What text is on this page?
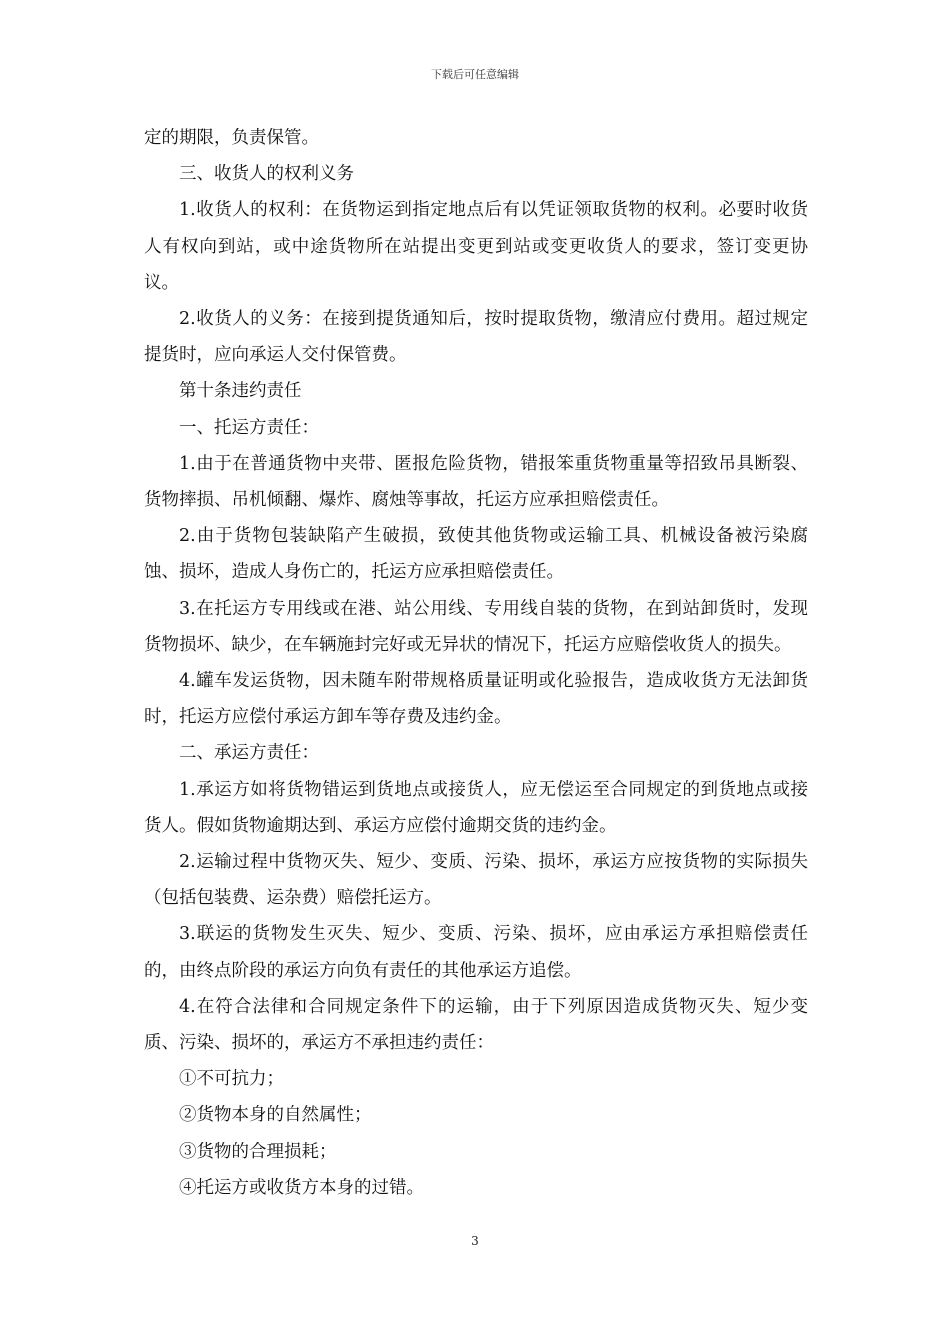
下载后可任意编辑

定的期限，负责保管。

三、收货人的权利义务

1.收货人的权利：在货物运到指定地点后有以凭证领取货物的权利。必要时收货人有权向到站，或中途货物所在站提出变更到站或变更收货人的要求，签订变更协议。

2.收货人的义务：在接到提货通知后，按时提取货物，缴清应付费用。超过规定提货时，应向承运人交付保管费。

第十条违约责任

一、托运方责任：

1.由于在普通货物中夹带、匿报危险货物，错报笨重货物重量等招致吊具断裂、货物摔损、吊机倾翻、爆炸、腐烛等事故，托运方应承担赔偿责任。

2.由于货物包装缺陷产生破损，致使其他货物或运输工具、机械设备被污染腐蚀、损坏，造成人身伤亡的，托运方应承担赔偿责任。

3.在托运方专用线或在港、站公用线、专用线自装的货物，在到站卸货时，发现货物损坏、缺少，在车辆施封完好或无异状的情况下，托运方应赔偿收货人的损失。

4.罐车发运货物，因未随车附带规格质量证明或化验报告，造成收货方无法卸货时，托运方应偿付承运方卸车等存费及违约金。

二、承运方责任：

1.承运方如将货物错运到货地点或接货人，应无偿运至合同规定的到货地点或接货人。假如货物逾期达到、承运方应偿付逾期交货的违约金。

2.运输过程中货物灭失、短少、变质、污染、损坏，承运方应按货物的实际损失（包括包装费、运杂费）赔偿托运方。

3.联运的货物发生灭失、短少、变质、污染、损坏，应由承运方承担赔偿责任的，由终点阶段的承运方向负有责任的其他承运方追偿。

4.在符合法律和合同规定条件下的运输，由于下列原因造成货物灭失、短少变质、污染、损坏的，承运方不承担违约责任：

①不可抗力；

②货物本身的自然属性；

③货物的合理损耗；

④托运方或收货方本身的过错。

3
